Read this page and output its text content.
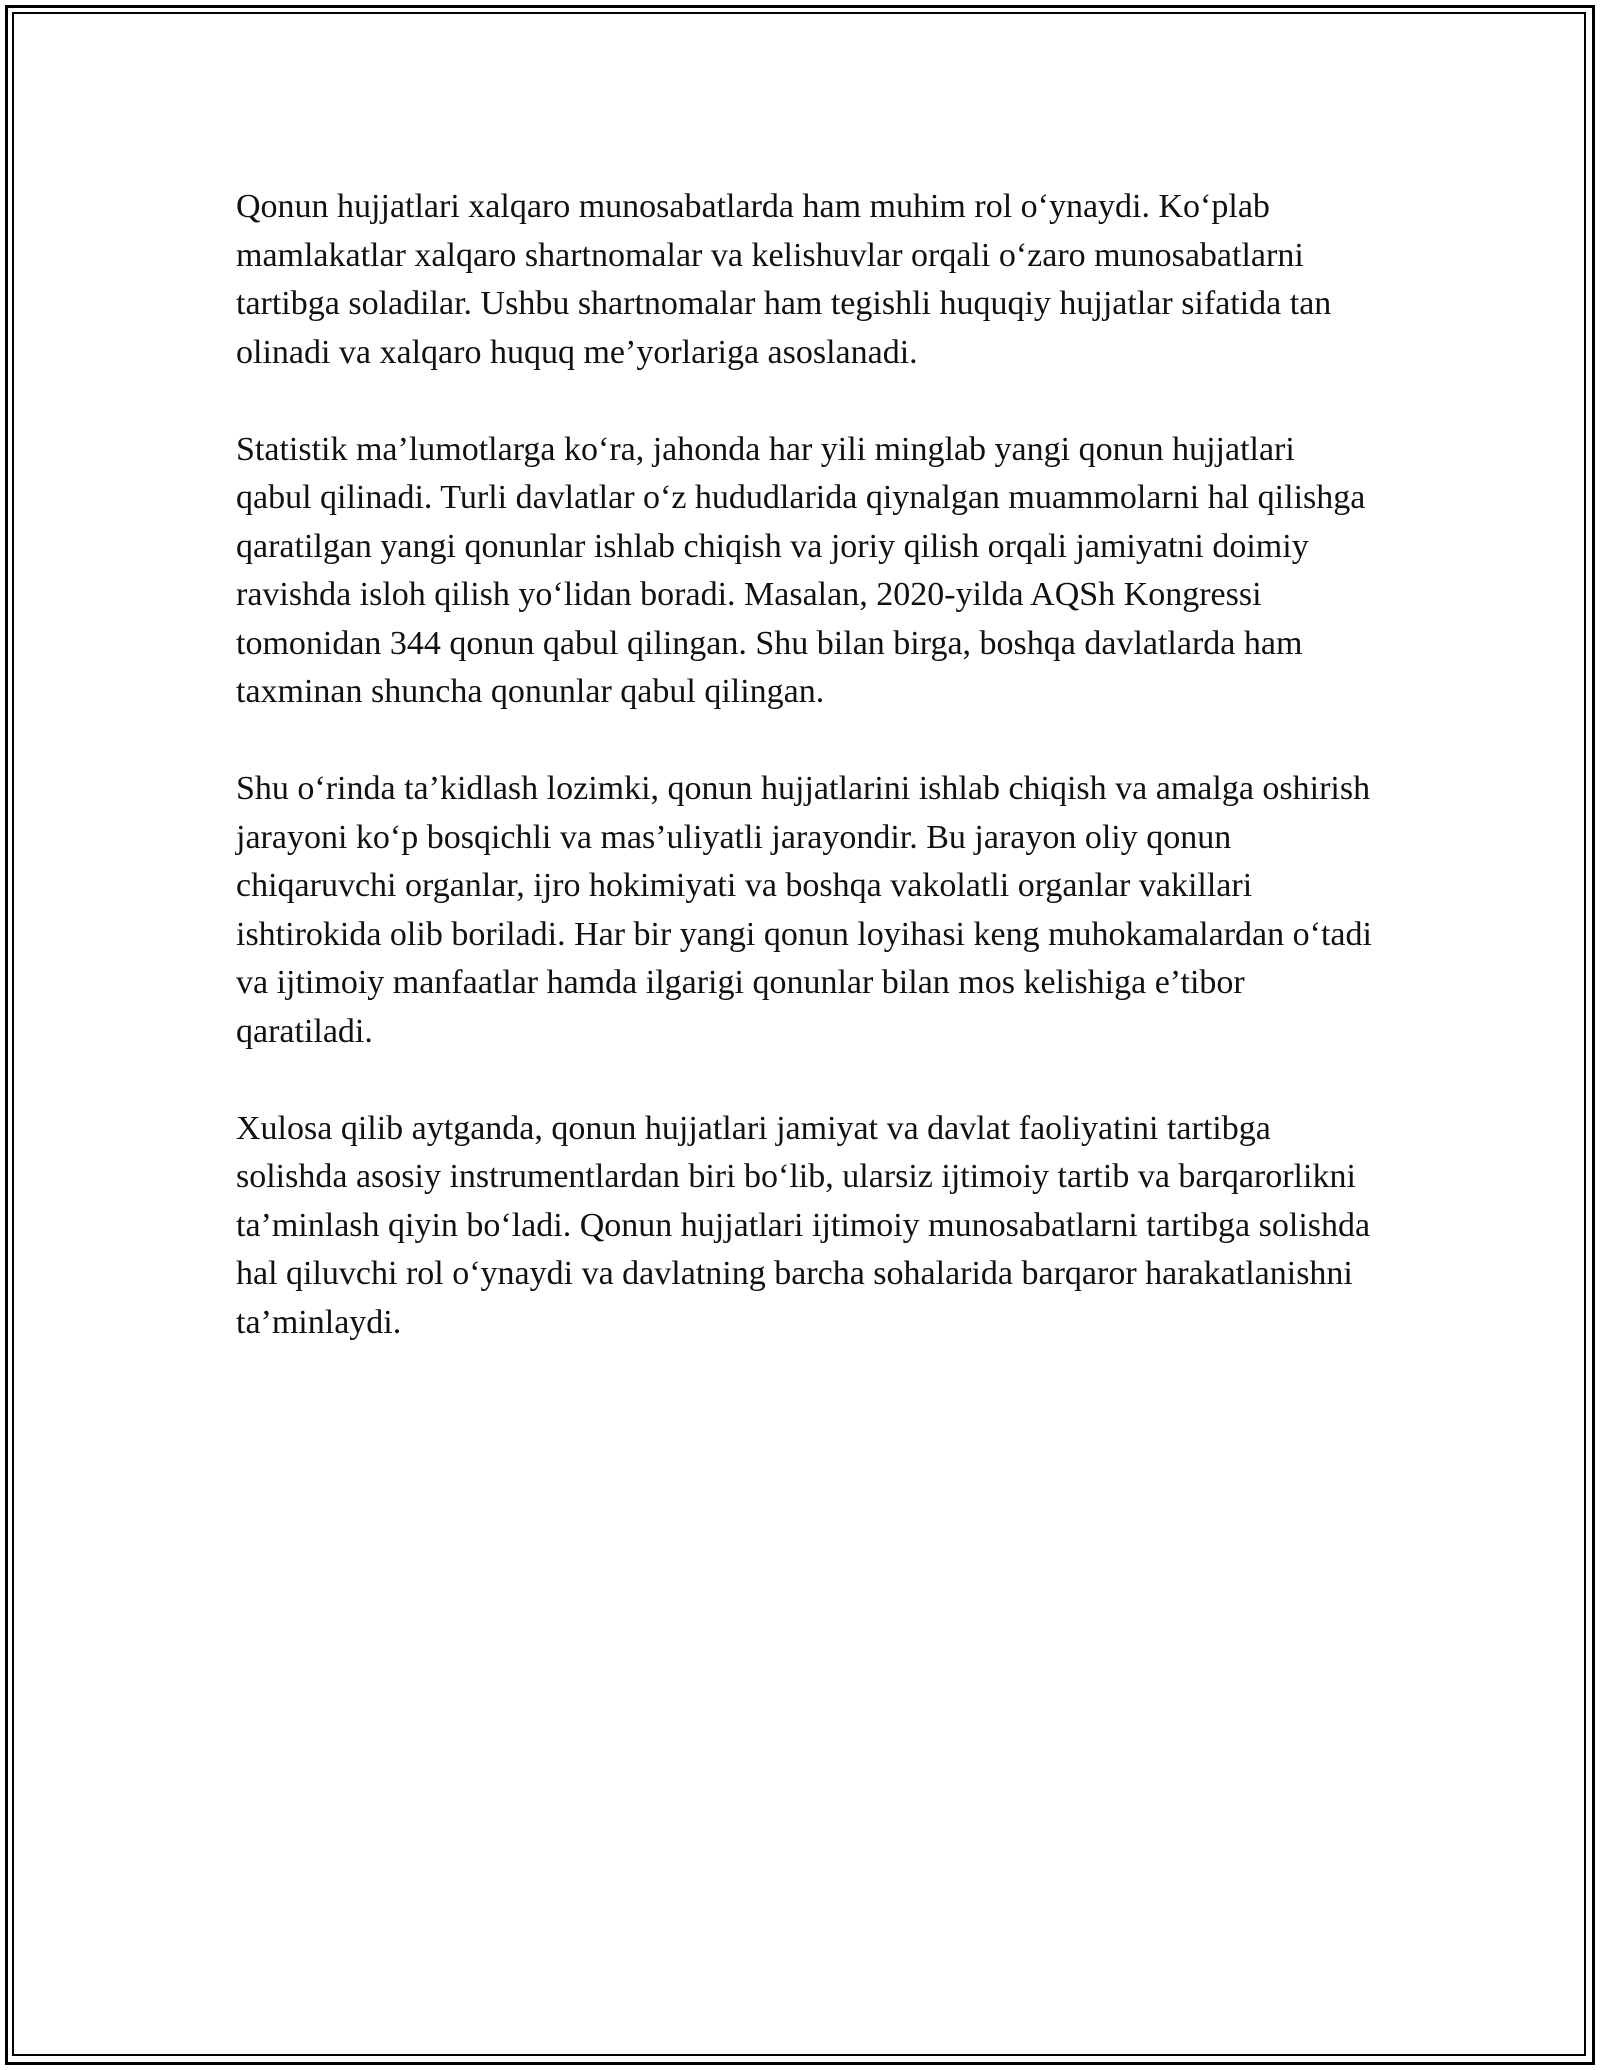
Qonun hujjatlari xalqaro munosabatlarda ham muhim rol o‘ynaydi. Ko‘plab mamlakatlar xalqaro shartnomalar va kelishuvlar orqali o‘zaro munosabatlarni tartibga soladilar. Ushbu shartnomalar ham tegishli huquqiy hujjatlar sifatida tan olinadi va xalqaro huquq me’yorlariga asoslanadi.

Statistik ma’lumotlarga ko‘ra, jahonda har yili minglab yangi qonun hujjatlari qabul qilinadi. Turli davlatlar o‘z hududlarida qiynalgan muammolarni hal qilishga qaratilgan yangi qonunlar ishlab chiqish va joriy qilish orqali jamiyatni doimiy ravishda isloh qilish yo‘lidan boradi. Masalan, 2020-yilda AQSh Kongressi tomonidan 344 qonun qabul qilingan. Shu bilan birga, boshqa davlatlarda ham taxminan shuncha qonunlar qabul qilingan.

Shu o‘rinda ta’kidlash lozimki, qonun hujjatlarini ishlab chiqish va amalga oshirish jarayoni ko‘p bosqichli va mas’uliyatli jarayondir. Bu jarayon oliy qonun chiqaruvchi organlar, ijro hokimiyati va boshqa vakolatli organlar vakillari ishtirokida olib boriladi. Har bir yangi qonun loyihasi keng muhokamalardan o‘tadi va ijtimoiy manfaatlar hamda ilgarigi qonunlar bilan mos kelishiga e’tibor qaratiladi.

Xulosa qilib aytganda, qonun hujjatlari jamiyat va davlat faoliyatini tartibga solishda asosiy instrumentlardan biri bo‘lib, ularsiz ijtimoiy tartib va barqarorlikni ta’minlash qiyin bo‘ladi. Qonun hujjatlari ijtimoiy munosabatlarni tartibga solishda hal qiluvchi rol o‘ynaydi va davlatning barcha sohalarida barqaror harakatlanishni ta’minlaydi.
